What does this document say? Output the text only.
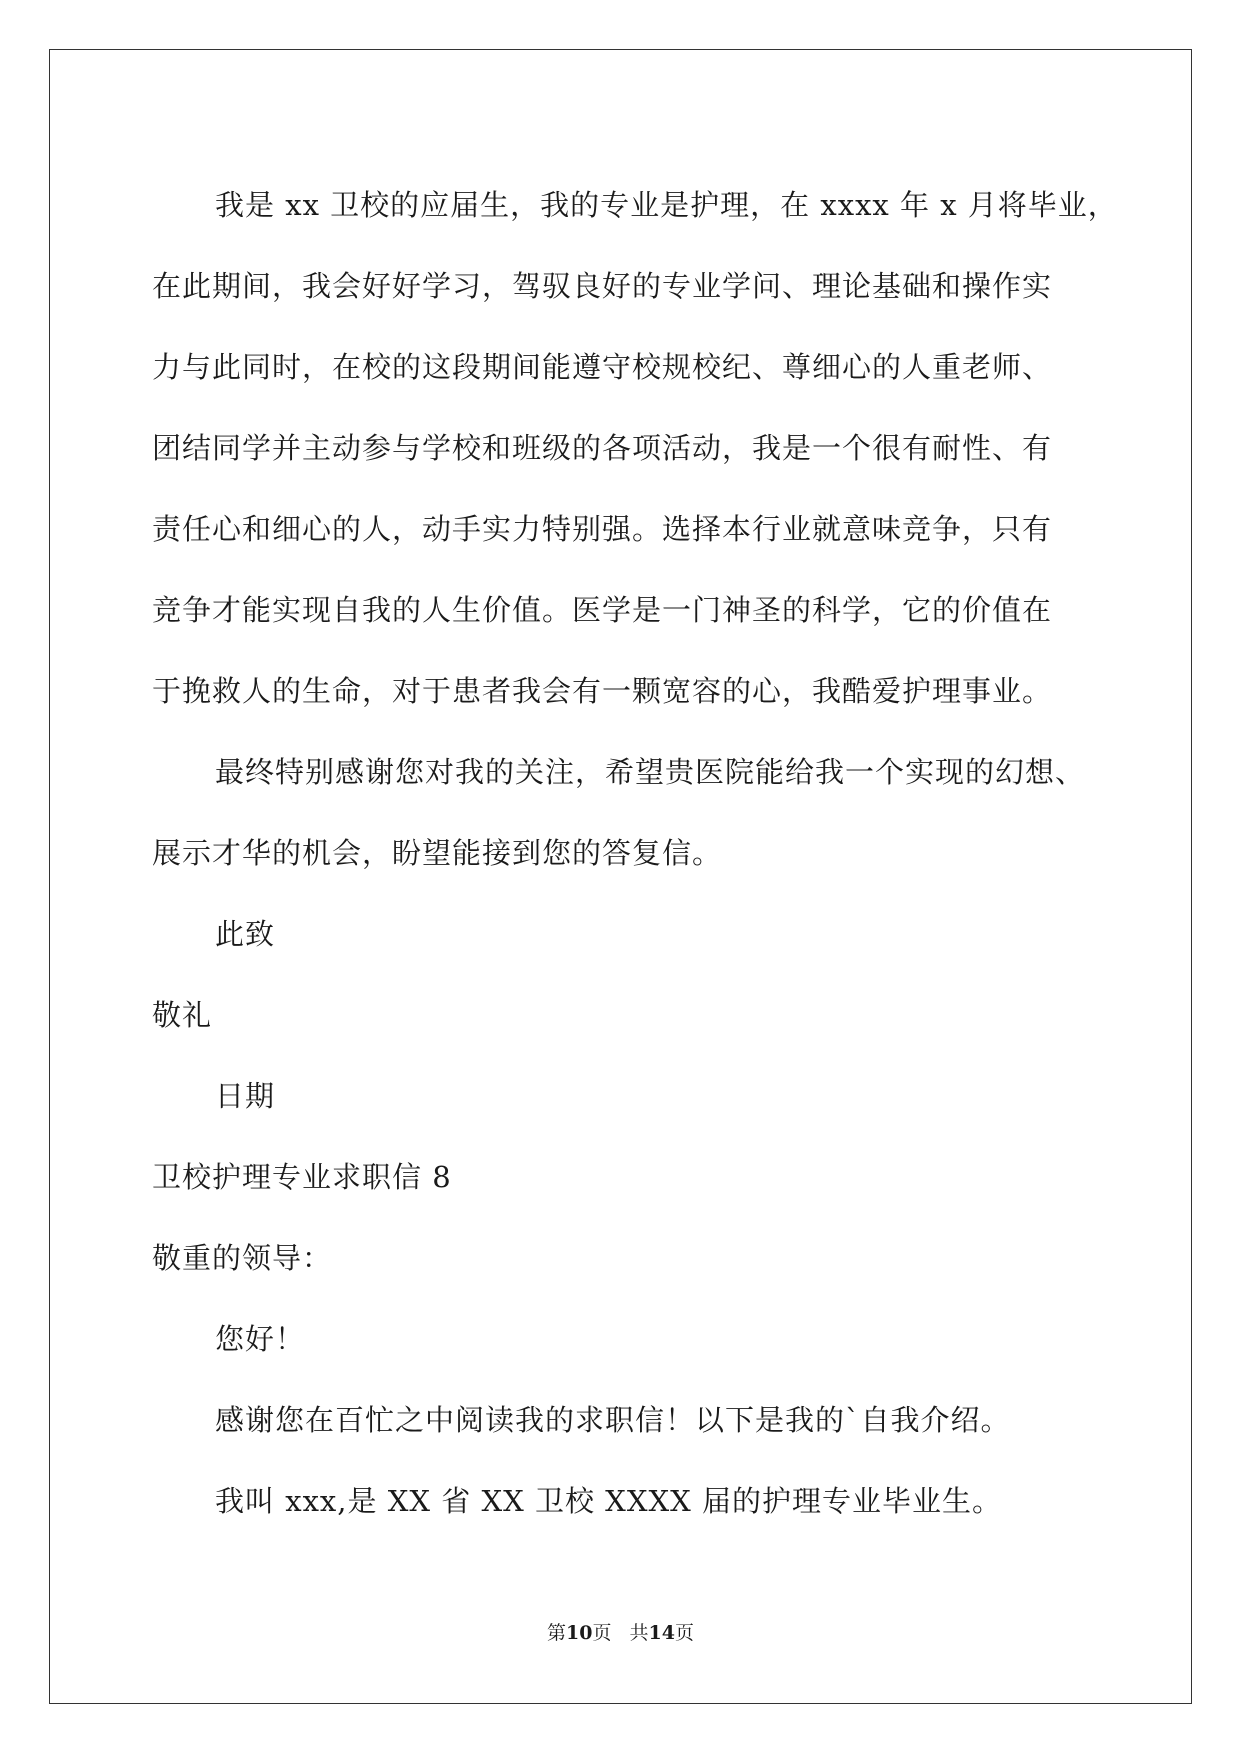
我是 xx 卫校的应届生，我的专业是护理，在 xxxx 年 x 月将毕业，
在此期间，我会好好学习，驾驭良好的专业学问、理论基础和操作实
力与此同时，在校的这段期间能遵守校规校纪、尊细心的人重老师、
团结同学并主动参与学校和班级的各项活动，我是一个很有耐性、有
责任心和细心的人，动手实力特别强。选择本行业就意味竞争，只有
竞争才能实现自我的人生价值。医学是一门神圣的科学，它的价值在
于挽救人的生命，对于患者我会有一颗宽容的心，我酷爱护理事业。
最终特别感谢您对我的关注，希望贵医院能给我一个实现的幻想、
展示才华的机会，盼望能接到您的答复信。
此致
敬礼
日期
卫校护理专业求职信 8
敬重的领导：
您好！
感谢您在百忙之中阅读我的求职信！以下是我的`自我介绍。
我叫 xxx,是 XX 省 XX 卫校 XXXX 届的护理专业毕业生。
第10页 共14页
